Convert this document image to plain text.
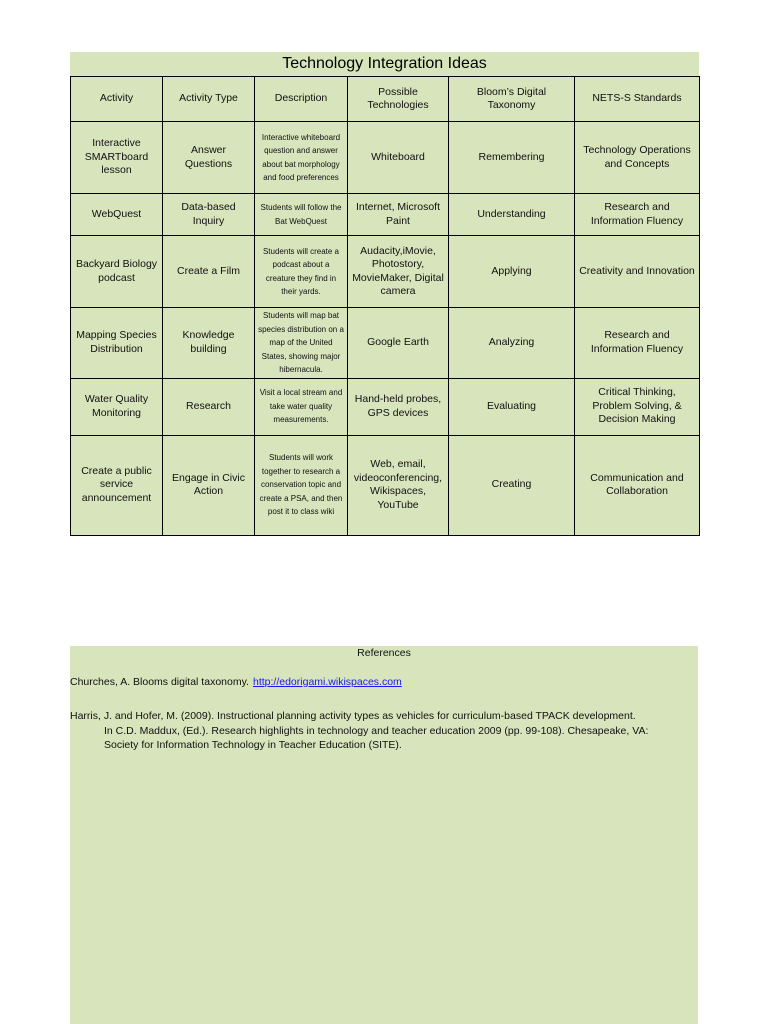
Technology Integration Ideas
Activity	Activity Type	Description	Possible Technologies	Bloom’s Digital Taxonomy	NETS-S Standards
Interactive SMARTboard lesson	Answer Questions	Interactive whiteboard question and answer about bat morphology and food preferences	Whiteboard	Remembering	Technology Operations and Concepts
WebQuest	Data-based Inquiry	Students will follow the Bat WebQuest	Internet, Microsoft Paint	Understanding	Research and Information Fluency
Backyard Biology podcast	Create a Film	Students will create a podcast about a creature they find in their yards.	Audacity,iMovie, Photostory, MovieMaker, Digital camera	Applying	Creativity and Innovation
Mapping Species Distribution	Knowledge building	Students will map bat species distribution on a map of the United States, showing major hibernacula.	Google Earth	Analyzing	Research and Information Fluency
Water Quality Monitoring	Research	Visit a local stream and take water quality measurements.	Hand-held probes, GPS devices	Evaluating	Critical Thinking, Problem Solving, & Decision Making
Create a public service announcement	Engage in Civic Action	Students will work together to research a conservation topic and create a PSA, and then post it to class wiki	Web, email, videoconferencing, Wikispaces, YouTube	Creating	Communication and Collaboration
References
Churches, A. Blooms digital taxonomy. http://edorigami.wikispaces.com
Harris, J. and Hofer, M. (2009). Instructional planning activity types as vehicles for curriculum-based TPACK development.
In C.D. Maddux, (Ed.). Research highlights in technology and teacher education 2009 (pp. 99-108). Chesapeake, VA:
Society for Information Technology in Teacher Education (SITE).
